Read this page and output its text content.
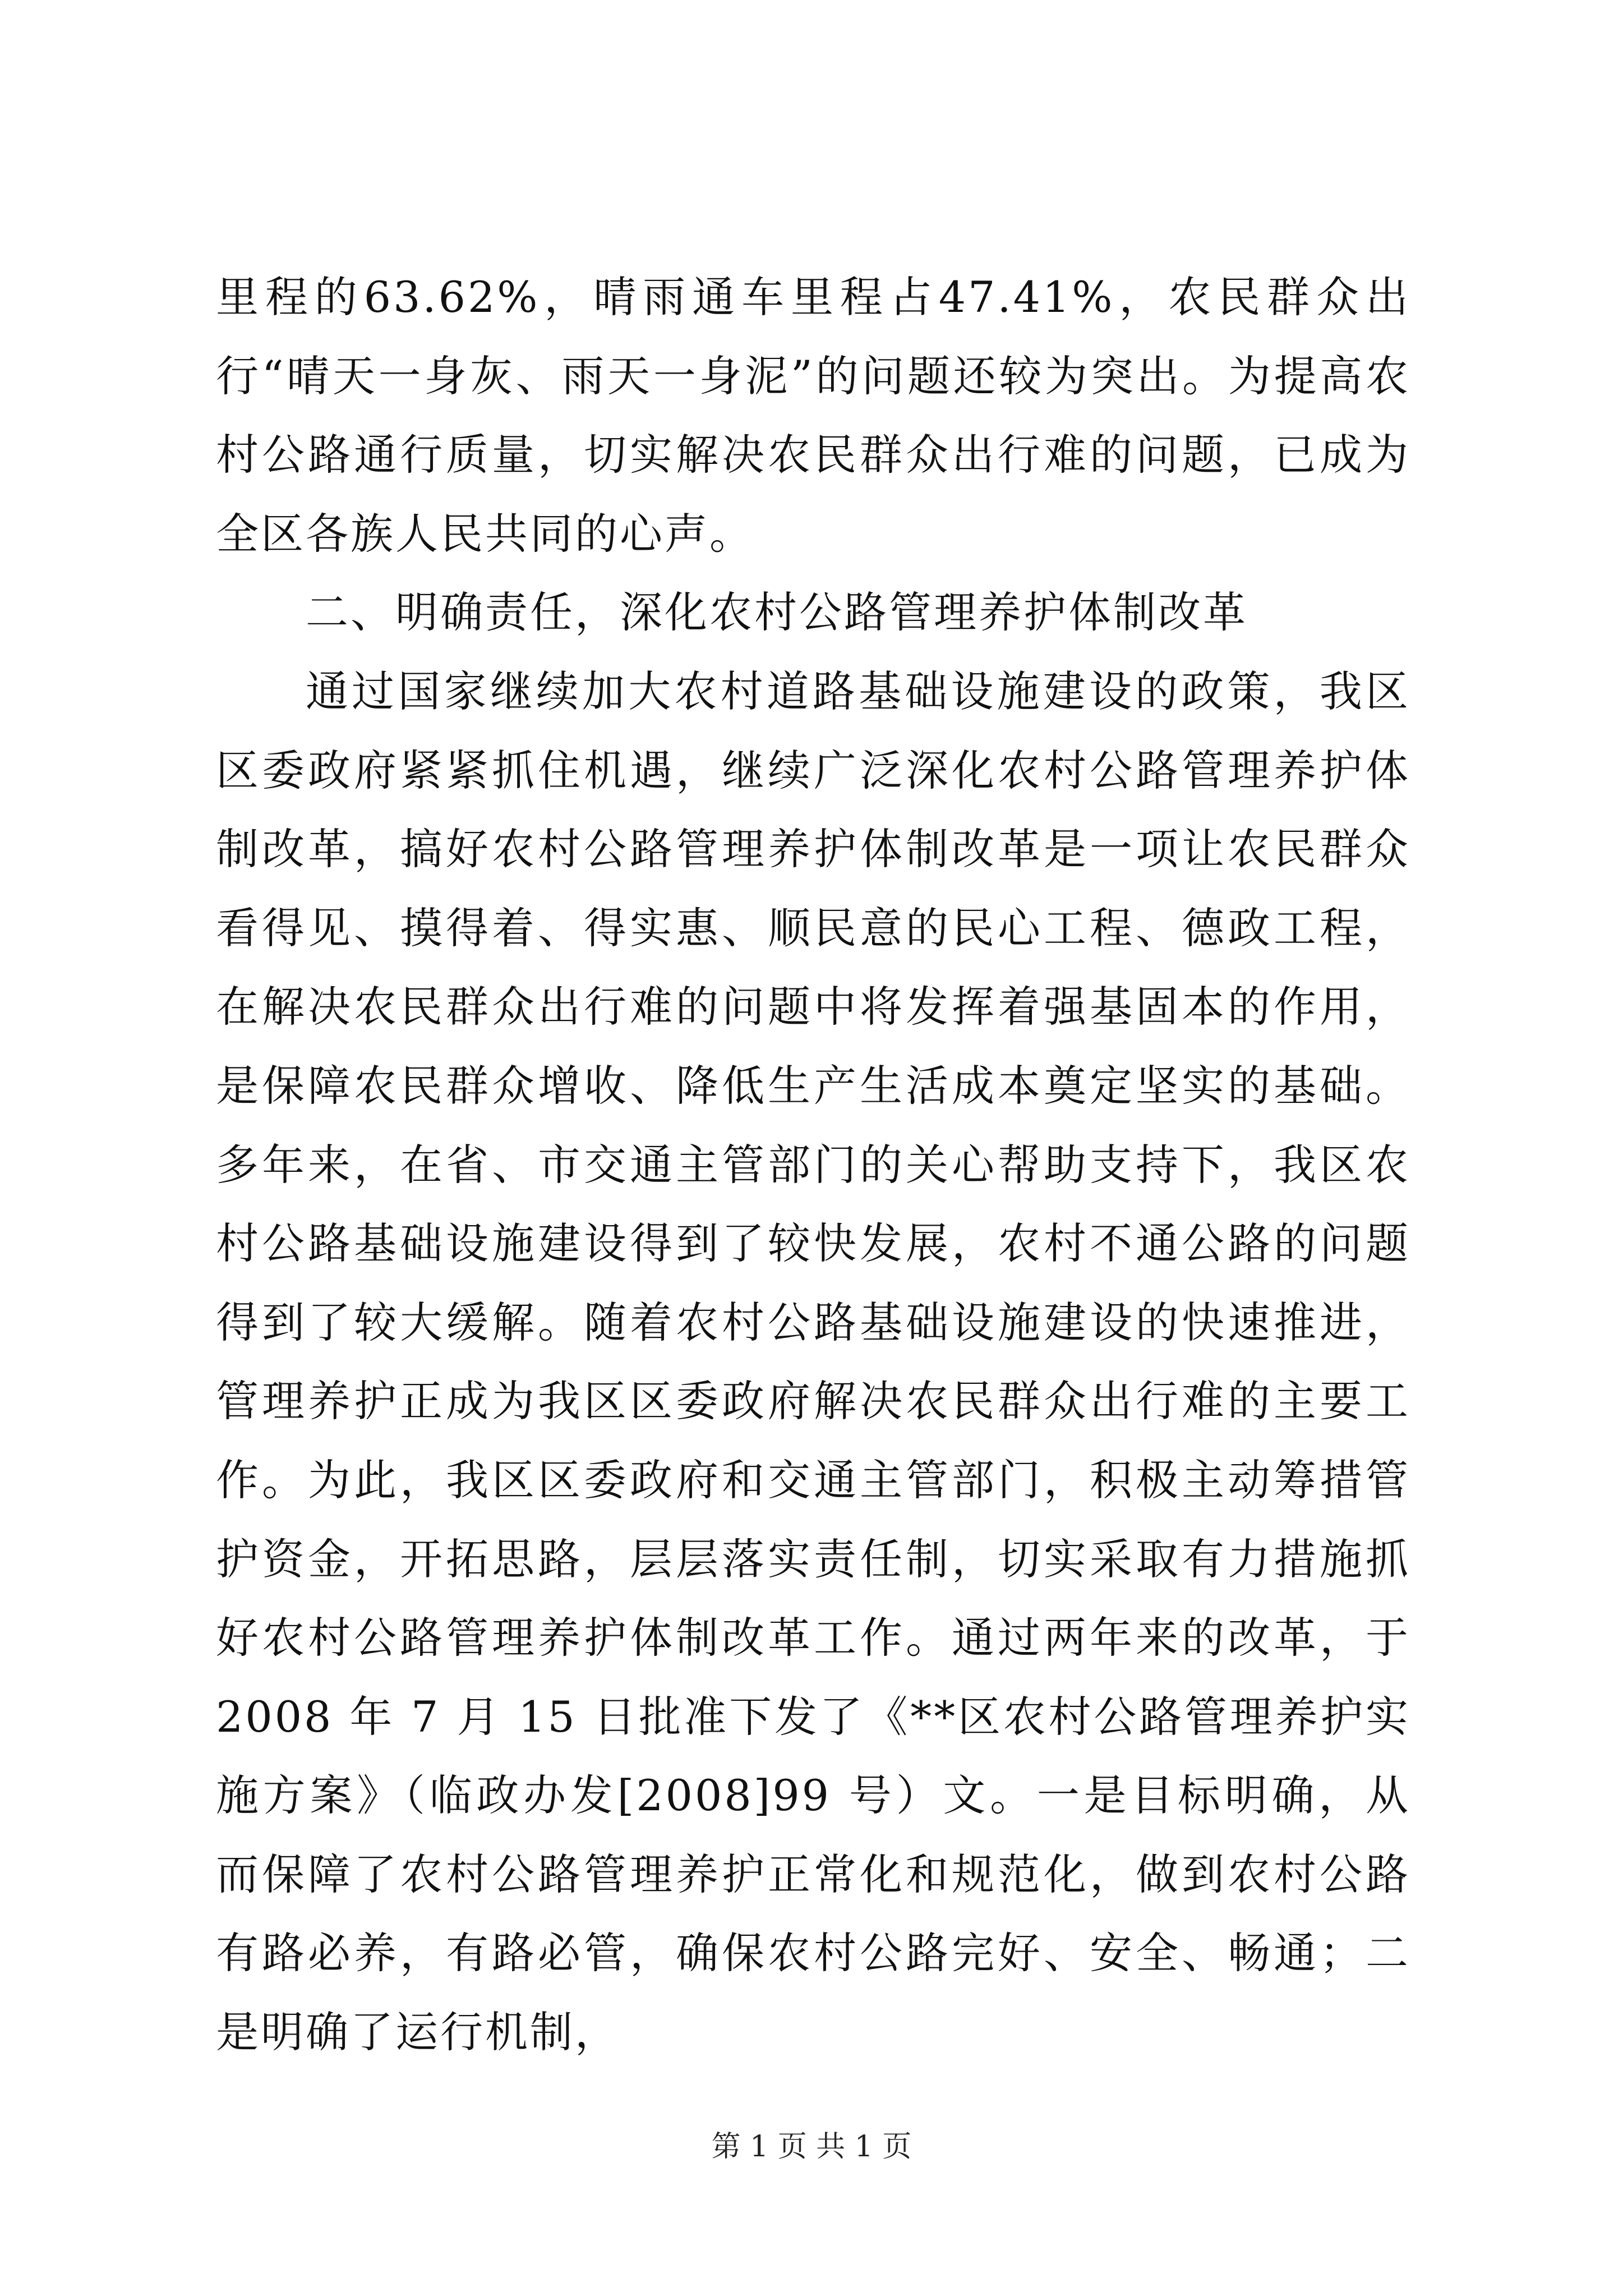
里程的63.62%，晴雨通车里程占47.41%，农民群众出行“晴天一身灰、雨天一身泥”的问题还较为突出。为提高农村公路通行质量，切实解决农民群众出行难的问题，已成为全区各族人民共同的心声。

二、明确责任，深化农村公路管理养护体制改革

通过国家继续加大农村道路基础设施建设的政策，我区区委政府紧紧抓住机遇，继续广泛深化农村公路管理养护体制改革，搞好农村公路管理养护体制改革是一项让农民群众看得见、摸得着、得实惠、顺民意的民心工程、德政工程，在解决农民群众出行难的问题中将发挥着强基固本的作用，是保障农民群众增收、降低生产生活成本奠定坚实的基础。多年来，在省、市交通主管部门的关心帮助支持下，我区农村公路基础设施建设得到了较快发展，农村不通公路的问题得到了较大缓解。随着农村公路基础设施建设的快速推进，管理养护正成为我区区委政府解决农民群众出行难的主要工作。为此，我区区委政府和交通主管部门，积极主动筹措管护资金，开拓思路，层层落实责任制，切实采取有力措施抓好农村公路管理养护体制改革工作。通过两年来的改革，于 2008 年 7 月 15 日批准下发了《**区农村公路管理养护实施方案》（临政办发[2008]99 号）文。一是目标明确，从而保障了农村公路管理养护正常化和规范化，做到农村公路有路必养，有路必管，确保农村公路完好、安全、畅通；二是明确了运行机制，

第 1 页 共 1 页
